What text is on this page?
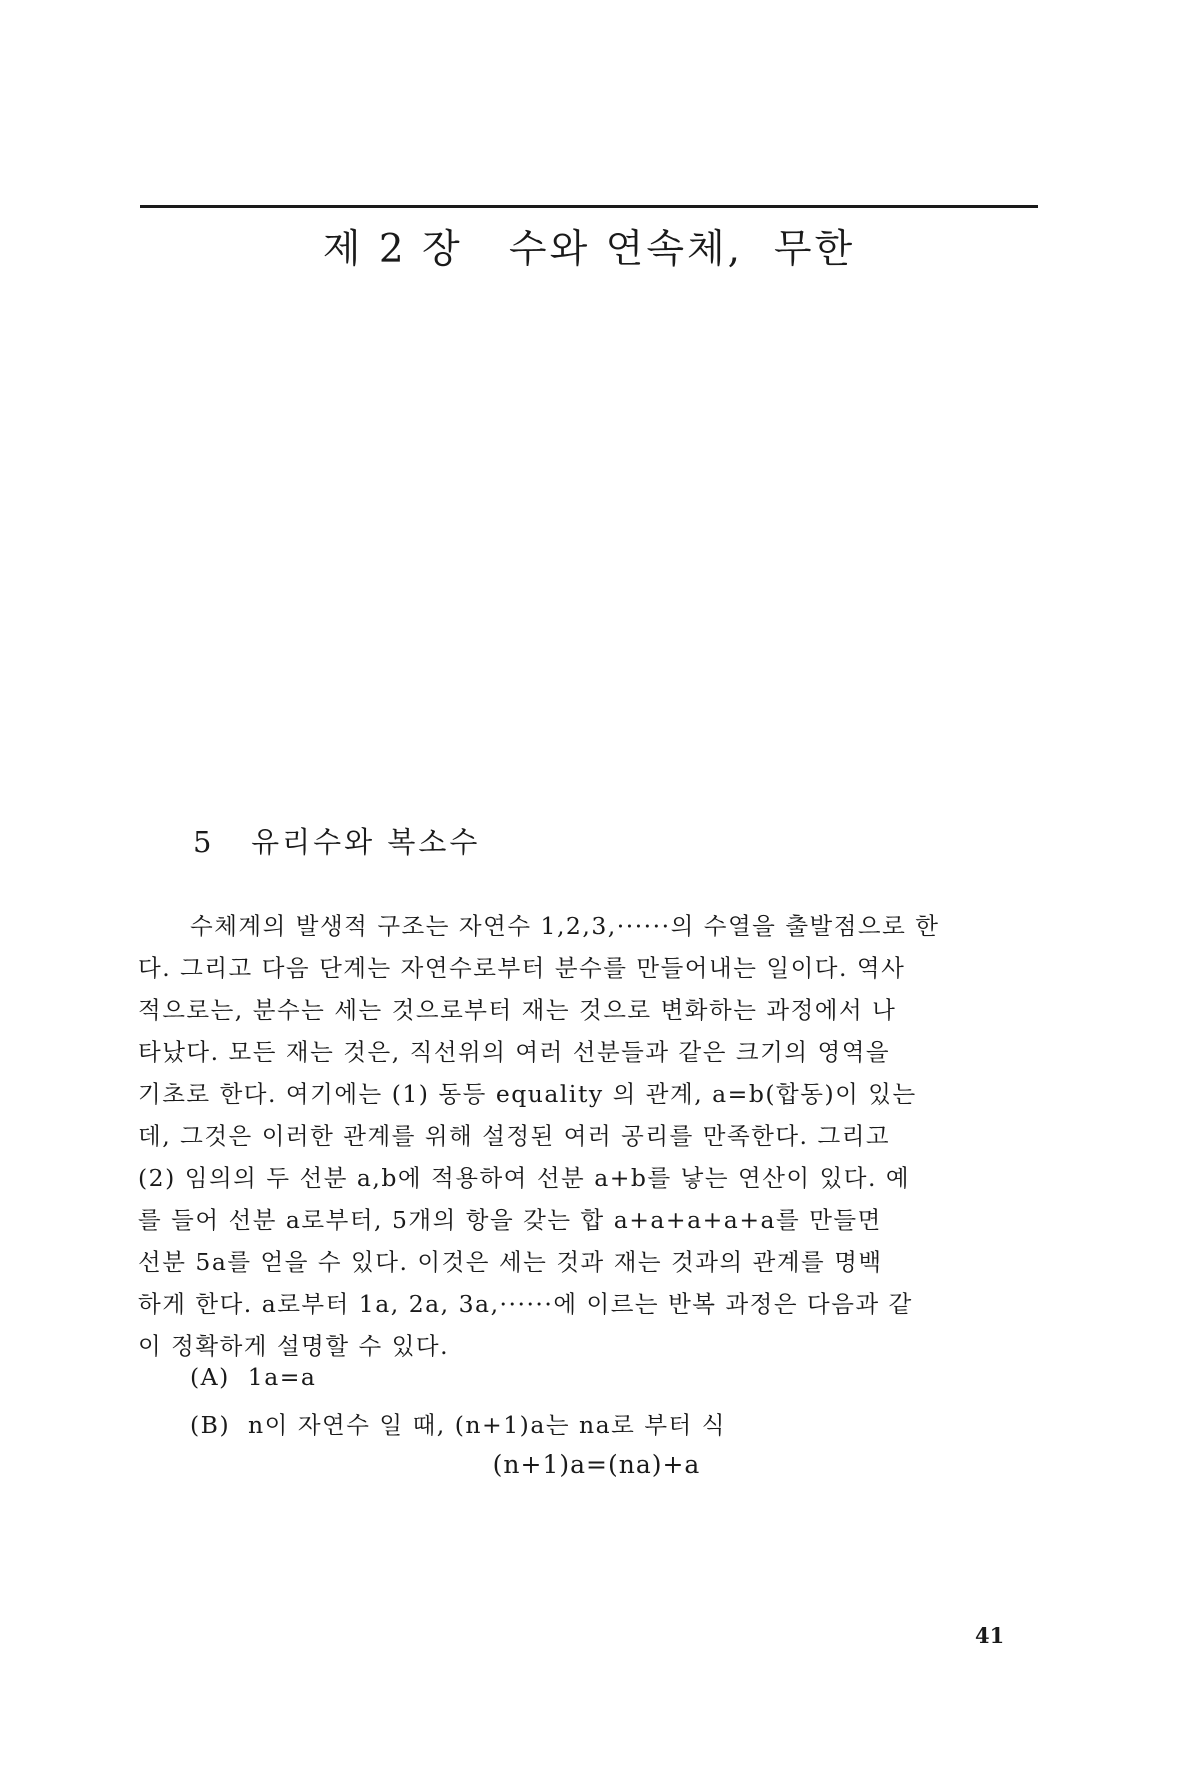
제 2 장   수와 연속체,  무한
5   유리수와 복소수
수체계의 발생적 구조는 자연수 1,2,3,······의 수열을 출발점으로 한
다. 그리고 다음 단계는 자연수로부터 분수를 만들어내는 일이다. 역사
적으로는, 분수는 세는 것으로부터 재는 것으로 변화하는 과정에서 나
타났다. 모든 재는 것은, 직선위의 여러 선분들과 같은 크기의 영역을
기초로 한다. 여기에는 (1) 동등 equality 의 관계, a=b(합동)이 있는
데, 그것은 이러한 관계를 위해 설정된 여러 공리를 만족한다. 그리고
(2) 임의의 두 선분 a,b에 적용하여 선분 a+b를 낳는 연산이 있다. 예
를 들어 선분 a로부터, 5개의 항을 갖는 합 a+a+a+a+a를 만들면
선분 5a를 얻을 수 있다. 이것은 세는 것과 재는 것과의 관계를 명백
하게 한다. a로부터 1a, 2a, 3a,······에 이르는 반복 과정은 다음과 같
이 정확하게 설명할 수 있다.
(A)  1a=a
(B)  n이 자연수 일 때, (n+1)a는 na로 부터 식
(n+1)a=(na)+a
41
